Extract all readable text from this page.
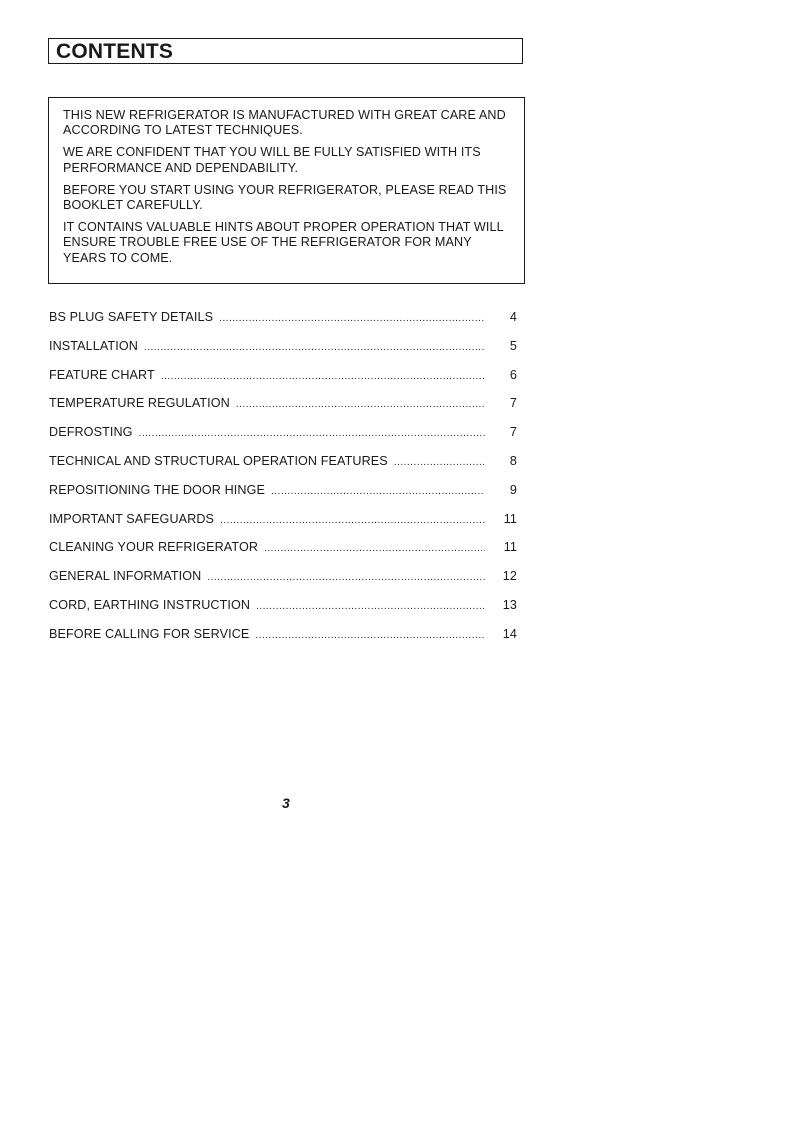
CONTENTS

THIS NEW REFRIGERATOR IS MANUFACTURED WITH GREAT CARE AND ACCORDING TO LATEST TECHNIQUES.

WE ARE CONFIDENT THAT YOU WILL BE FULLY SATISFIED WITH ITS PERFORMANCE AND DEPENDABILITY.

BEFORE YOU START USING YOUR REFRIGERATOR, PLEASE READ THIS BOOKLET CAREFULLY.

IT CONTAINS VALUABLE HINTS ABOUT PROPER OPERATION THAT WILL ENSURE TROUBLE FREE USE OF THE REFRIGERATOR FOR MANY YEARS TO COME.

BS PLUG SAFETY DETAILS .....	4
INSTALLATION .....	5
FEATURE CHART .....	6
TEMPERATURE REGULATION .....	7
DEFROSTING .....	7
TECHNICAL AND STRUCTURAL OPERATION FEATURES .....	8
REPOSITIONING THE DOOR HINGE .....	9
IMPORTANT SAFEGUARDS .....	11
CLEANING YOUR REFRIGERATOR .....	11
GENERAL INFORMATION .....	12
CORD, EARTHING INSTRUCTION .....	13
BEFORE CALLING FOR SERVICE .....	14
3
